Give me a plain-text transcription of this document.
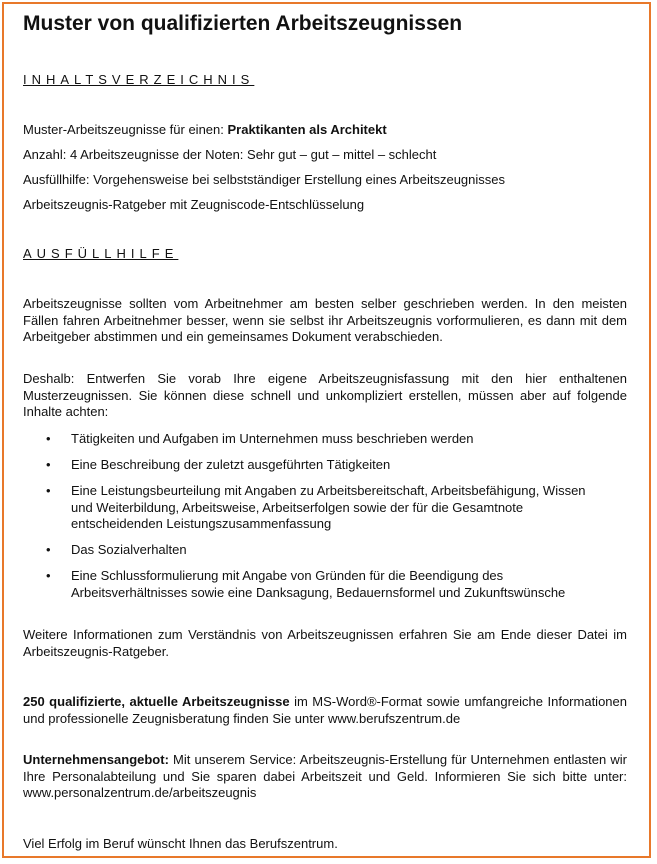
Muster von qualifizierten Arbeitszeugnissen
INHALTSVERZEICHNIS
Muster-Arbeitszeugnisse für einen: Praktikanten als Architekt
Anzahl: 4 Arbeitszeugnisse der Noten: Sehr gut – gut – mittel – schlecht
Ausfüllhilfe: Vorgehensweise bei selbstständiger Erstellung eines Arbeitszeugnisses
Arbeitszeugnis-Ratgeber mit Zeugniscode-Entschlüsselung
AUSFÜLLHILFE

Arbeitszeugnisse sollten vom Arbeitnehmer am besten selber geschrieben werden. In den meisten Fällen fahren Arbeitnehmer besser, wenn sie selbst ihr Arbeitszeugnis vorformulieren, es dann mit dem Arbeitgeber abstimmen und ein gemeinsames Dokument verabschieden.

Deshalb: Entwerfen Sie vorab Ihre eigene Arbeitszeugnisfassung mit den hier enthaltenen Musterzeugnissen. Sie können diese schnell und unkompliziert erstellen, müssen aber auf folgende Inhalte achten:

• Tätigkeiten und Aufgaben im Unternehmen muss beschrieben werden
• Eine Beschreibung der zuletzt ausgeführten Tätigkeiten
• Eine Leistungsbeurteilung mit Angaben zu Arbeitsbereitschaft, Arbeitsbefähigung, Wissen und Weiterbildung, Arbeitsweise, Arbeitserfolgen sowie der für die Gesamtnote entscheidenden Leistungszusammenfassung
• Das Sozialverhalten
• Eine Schlussformulierung mit Angabe von Gründen für die Beendigung des Arbeitsverhältnisses sowie eine Danksagung, Bedauernsformel und Zukunftswünsche

Weitere Informationen zum Verständnis von Arbeitszeugnissen erfahren Sie am Ende dieser Datei im Arbeitszeugnis-Ratgeber.

250 qualifizierte, aktuelle Arbeitszeugnisse im MS-Word®-Format sowie umfangreiche Informationen und professionelle Zeugnisberatung finden Sie unter www.berufszentrum.de

Unternehmensangebot: Mit unserem Service: Arbeitszeugnis-Erstellung für Unternehmen entlasten wir Ihre Personalabteilung und Sie sparen dabei Arbeitszeit und Geld. Informieren Sie sich bitte unter: www.personalzentrum.de/arbeitszeugnis

Viel Erfolg im Beruf wünscht Ihnen das Berufszentrum.
